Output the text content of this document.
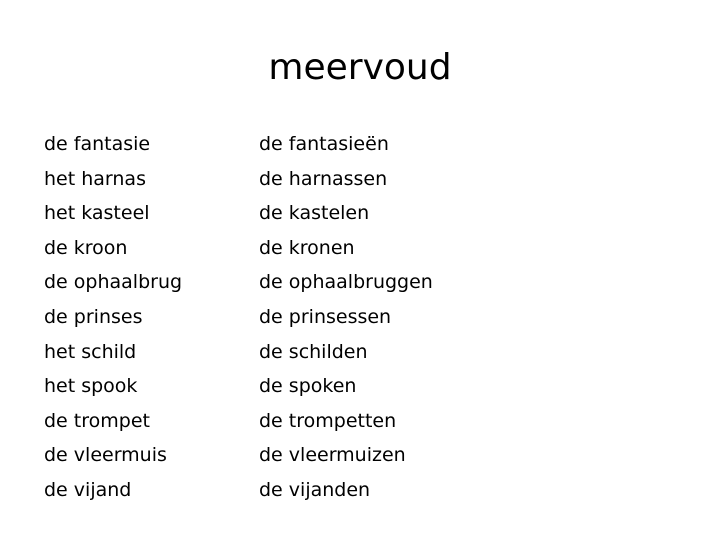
meervoud
de fantasie
het harnas
het kasteel
de kroon
de ophaalbrug
de prinses
het schild
het spook
de trompet
de vleermuis
de vijand
de fantasieën
de harnassen
de kastelen
de kronen
de ophaalbruggen
de prinsessen
de schilden
de spoken
de trompetten
de vleermuizen
de vijanden
